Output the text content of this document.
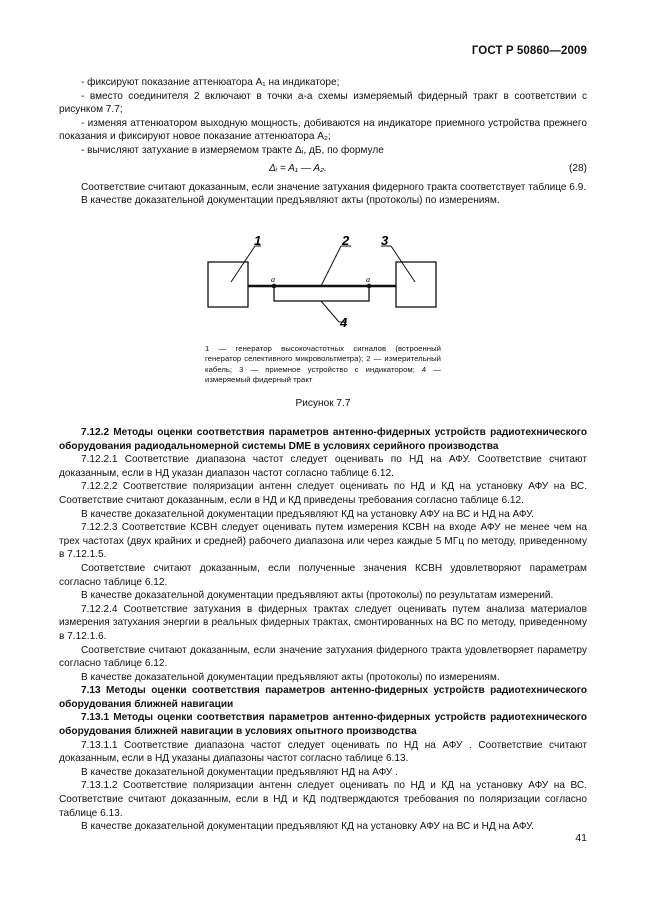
ГОСТ Р 50860—2009

- фиксируют показание аттенюатора A₁ на индикаторе;

- вместо соединителя 2 включают в точки a-a схемы измеряемый фидерный тракт в соответствии с рисунком 7.7;

- изменяя аттенюатором выходную мощность, добиваются на индикаторе приемного устройства прежнего показания и фиксируют новое показание аттенюатора A₂;

- вычисляют затухание в измеряемом тракте Δᵢ, дБ, по формуле

Δᵢ = A₁ — A₂.	(28)

Соответствие считают доказанным, если значение затухания фидерного тракта соответствует таблице 6.9.

В качестве доказательной документации предъявляют акты (протоколы) по измерениям.

a	a
1	2 3
4
1 — генератор высокочастотных сигналов (встроенный генератор селективного микровольтметра); 2 — измерительный кабель; 3 — приемное устройство с индикатором; 4 — измеряемый фидерный тракт
Рисунок 7.7

7.12.2 Методы оценки соответствия параметров антенно-фидерных устройств радиотехнического оборудования радиодальномерной системы DME в условиях серийного производства

7.12.2.1 Соответствие диапазона частот следует оценивать по НД на АФУ. Соответствие считают доказанным, если в НД указан диапазон частот согласно таблице 6.12.

7.12.2.2 Соответствие поляризации антенн следует оценивать по НД и КД на установку АФУ на ВС. Соответствие считают доказанным, если в НД и КД приведены требования согласно таблице 6.12.

В качестве доказательной документации предъявляют КД на установку АФУ на ВС и НД на АФУ.

7.12.2.3 Соответствие КСВН следует оценивать путем измерения КСВН на входе АФУ не менее чем на трех частотах (двух крайних и средней) рабочего диапазона или через каждые 5 МГц по методу, приведенному в 7.12.1.5.

Соответствие считают доказанным, если полученные значения КСВН удовлетворяют параметрам согласно таблице 6.12.

В качестве доказательной документации предъявляют акты (протоколы) по результатам измерений.

7.12.2.4 Соответствие затухания в фидерных трактах следует оценивать путем анализа материалов измерения затухания энергии в реальных фидерных трактах, смонтированных на ВС по методу, приведенному в 7.12.1.6.

Соответствие считают доказанным, если значение затухания фидерного тракта удовлетворяет параметру согласно таблице 6.12.

В качестве доказательной документации предъявляют акты (протоколы) по измерениям.

7.13 Методы оценки соответствия параметров антенно-фидерных устройств радиотехнического оборудования ближней навигации

7.13.1 Методы оценки соответствия параметров антенно-фидерных устройств радиотехнического оборудования ближней навигации в условиях опытного производства

7.13.1.1 Соответствие диапазона частот следует оценивать по НД на АФУ . Соответствие считают доказанным, если в НД указаны диапазоны частот согласно таблице 6.13.

В качестве доказательной документации предъявляют НД на АФУ .

7.13.1.2 Соответствие поляризации антенн следует оценивать по НД и КД на установку АФУ на ВС. Соответствие считают доказанным, если в НД и КД подтверждаются требования по поляризации согласно таблице 6.13.

В качестве доказательной документации предъявляют КД на установку АФУ на ВС и НД на АФУ.

41
